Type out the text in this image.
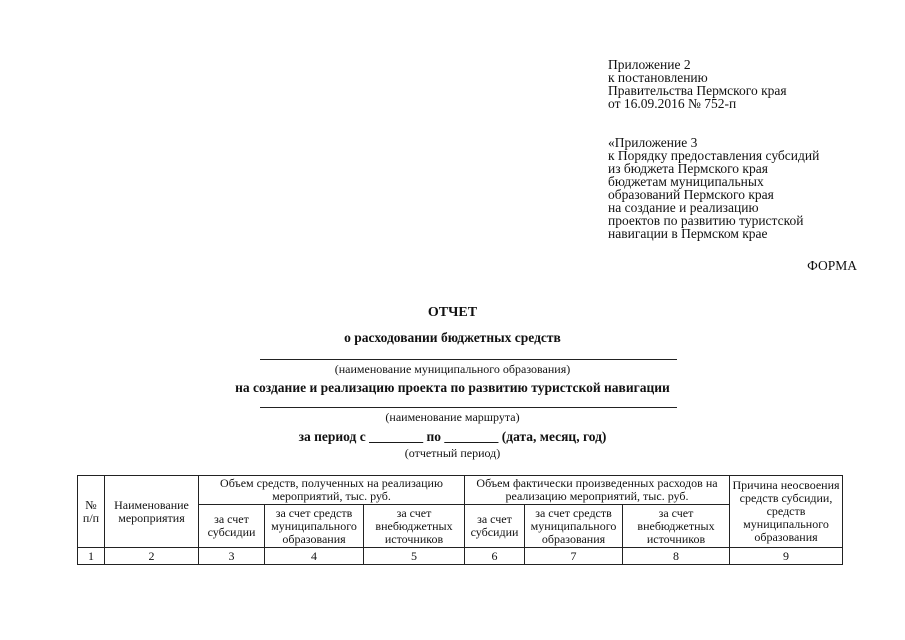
Приложение 2
к постановлению
Правительства Пермского края
от 16.09.2016 № 752-п
«Приложение 3
к Порядку предоставления субсидий
из бюджета Пермского края
бюджетам муниципальных
образований Пермского края
на создание и реализацию
проектов по развитию туристской
навигации в Пермском крае
ФОРМА
ОТЧЕТ
о расходовании бюджетных средств
(наименование муниципального образования)
на создание и реализацию проекта по развитию туристской навигации
(наименование маршрута)
за период с ________ по ________ (дата, месяц, год)
(отчетный период)
№ п/п	Наименование мероприятия	Объем средств, полученных на реализацию мероприятий, тыс. руб.			Объем фактически произведенных расходов на реализацию мероприятий, тыс. руб.			Причина неосвоения средств субсидии, средств муниципального образования
		за счет субсидии	за счет средств муниципального образования	за счет внебюджетных источников	за счет субсидии	за счет средств муниципального образования	за счет внебюджетных источников	
1	2	3	4	5	6	7	8	9
